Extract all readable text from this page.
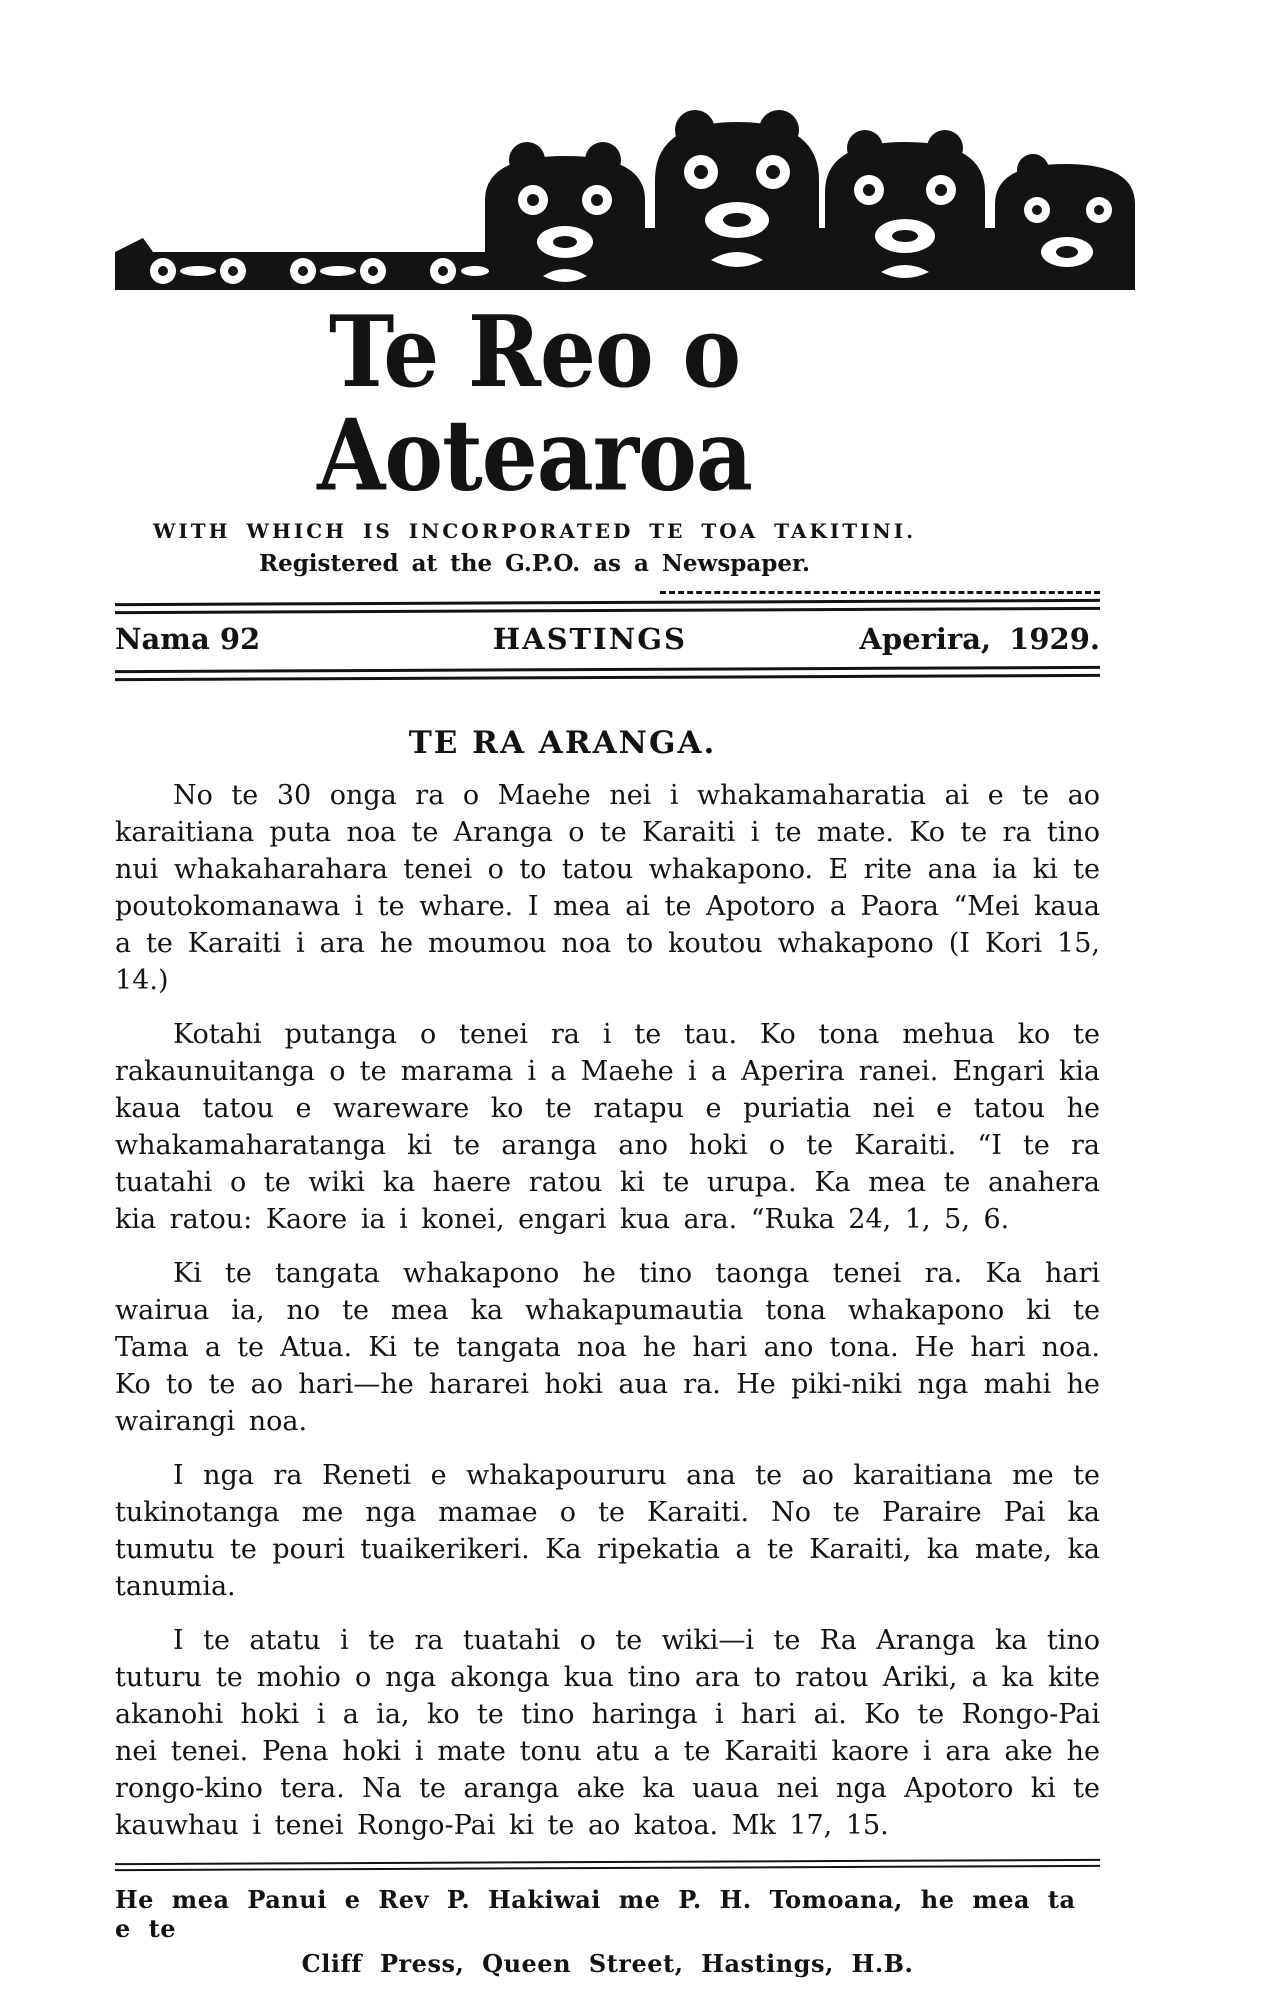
Te Reo o Aotearoa
WITH WHICH IS INCORPORATED TE TOA TAKITINI.
Registered at the G.P.O. as a Newspaper.
Nama 92	HASTINGS	Aperira, 1929.
TE RA ARANGA.

No te 30 onga ra o Maehe nei i whakamaharatia ai e te ao karaitiana puta noa te Aranga o te Karaiti i te mate. Ko te ra tino nui whakaharahara tenei o to tatou whakapono. E rite ana ia ki te poutokomanawa i te whare. I mea ai te Apotoro a Paora “Mei kaua a te Karaiti i ara he moumou noa to koutou whakapono (I Kori 15, 14.)

Kotahi putanga o tenei ra i te tau. Ko tona mehua ko te rakaunuitanga o te marama i a Maehe i a Aperira ranei. Engari kia kaua tatou e wareware ko te ratapu e puriatia nei e tatou he whakamaharatanga ki te aranga ano hoki o te Karaiti. “I te ra tuatahi o te wiki ka haere ratou ki te urupa. Ka mea te anahera kia ratou: Kaore ia i konei, engari kua ara. “Ruka 24, 1, 5, 6.

Ki te tangata whakapono he tino taonga tenei ra. Ka hari wairua ia, no te mea ka whakapumautia tona whakapono ki te Tama a te Atua. Ki te tangata noa he hari ano tona. He hari noa. Ko to te ao hari—he hararei hoki aua ra. He piki-niki nga mahi he wairangi noa.

I nga ra Reneti e whakapoururu ana te ao karaitiana me te tukinotanga me nga mamae o te Karaiti. No te Paraire Pai ka tumutu te pouri tuaikerikeri. Ka ripekatia a te Karaiti, ka mate, ka tanumia.

I te atatu i te ra tuatahi o te wiki—i te Ra Aranga ka tino tuturu te mohio o nga akonga kua tino ara to ratou Ariki, a ka kite akanohi hoki i a ia, ko te tino haringa i hari ai. Ko te Rongo-Pai nei tenei. Pena hoki i mate tonu atu a te Karaiti kaore i ara ake he rongo-kino tera. Na te aranga ake ka uaua nei nga Apotoro ki te kauwhau i tenei Rongo-Pai ki te ao katoa. Mk 17, 15.

He mea Panui e Rev P. Hakiwai me P. H. Tomoana, he mea ta e te
Cliff Press, Queen Street, Hastings, H.B.
